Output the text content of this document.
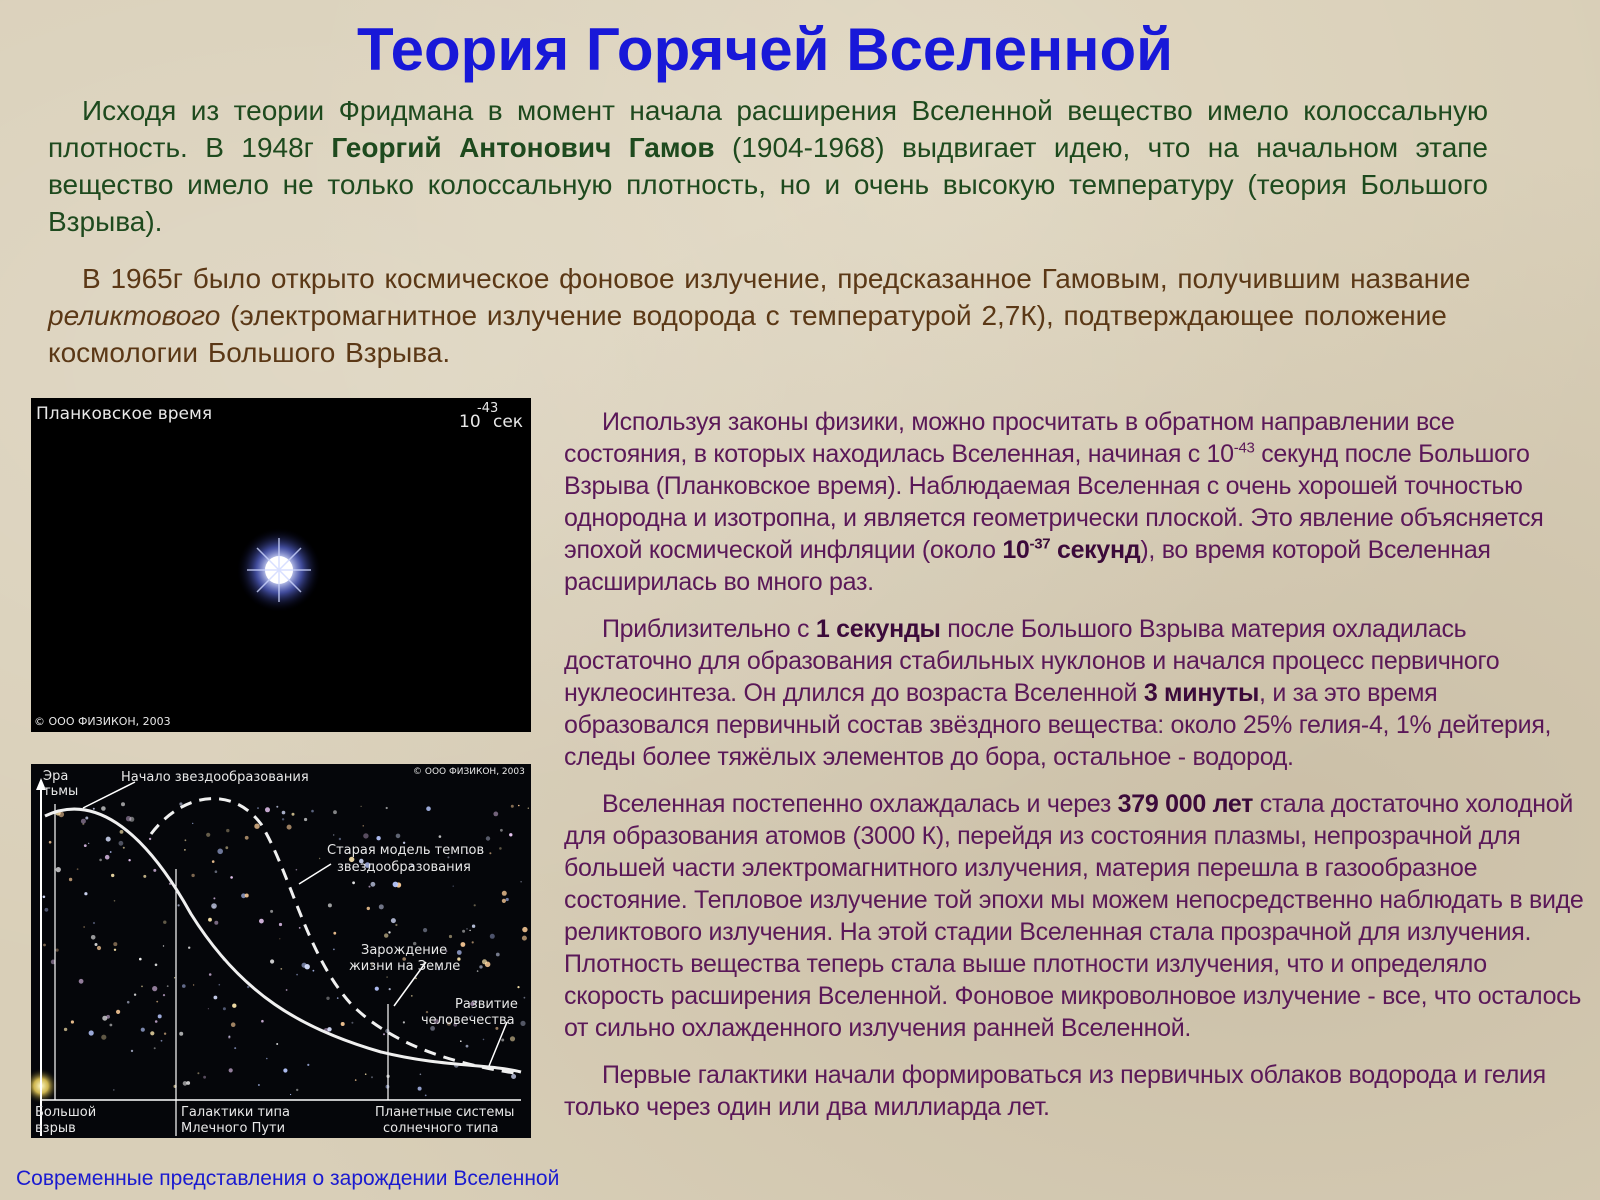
Теория Горячей Вселенной
Исходя из теории Фридмана в момент начала расширения Вселенной вещество имело колоссальную плотность. В 1948г Георгий Антонович Гамов (1904-1968) выдвигает идею, что на начальном этапе вещество имело не только колоссальную плотность, но и очень высокую температуру (теория Большого Взрыва).
В 1965г было открыто космическое фоновое излучение, предсказанное Гамовым, получившим название реликтового (электромагнитное излучение водорода с температурой 2,7К), подтверждающее положение космологии Большого Взрыва.
Планковское время	10
-43
сек
© ООО ФИЗИКОН, 2003
Эра
тьмы
Начало звездообразования	© ООО ФИЗИКОН, 2003
Старая модель темпов
звездообразования
Зарождение
жизни на Земле
Развитие
человечества
Большой
взрыв
Галактики типа
Млечного Пути
Планетные системы
солнечного типа

Используя законы физики, можно просчитать в обратном направлении все состояния, в которых находилась Вселенная, начиная с $10^{-43}$ секунд после Большого Взрыва (Планковское время). Наблюдаемая Вселенная с очень хорошей точностью однородна и изотропна, и является геометрически плоской. Это явление объясняется эпохой космической инфляции (около $10^{-37}$ секунд), во время которой Вселенная расширилась во много раз.

Приблизительно с 1 секунды после Большого Взрыва материя охладилась достаточно для образования стабильных нуклонов и начался процесс первичного нуклеосинтеза. Он длился до возраста Вселенной 3 минуты, и за это время образовался первичный состав звёздного вещества: около 25% гелия-4, 1% дейтерия, следы более тяжёлых элементов до бора, остальное - водород.

Вселенная постепенно охлаждалась и через 379 000 лет стала достаточно холодной для образования атомов (3000 К), перейдя из состояния плазмы, непрозрачной для большей части электромагнитного излучения, материя перешла в газообразное состояние. Тепловое излучение той эпохи мы можем непосредственно наблюдать в виде реликтового излучения. На этой стадии Вселенная стала прозрачной для излучения. Плотность вещества теперь стала выше плотности излучения, что и определяло скорость расширения Вселенной. Фоновое микроволновое излучение - все, что осталось от сильно охлажденного излучения ранней Вселенной.

Первые галактики начали формироваться из первичных облаков водорода и гелия только через один или два миллиарда лет.

Современные представления о зарождении Вселенной
